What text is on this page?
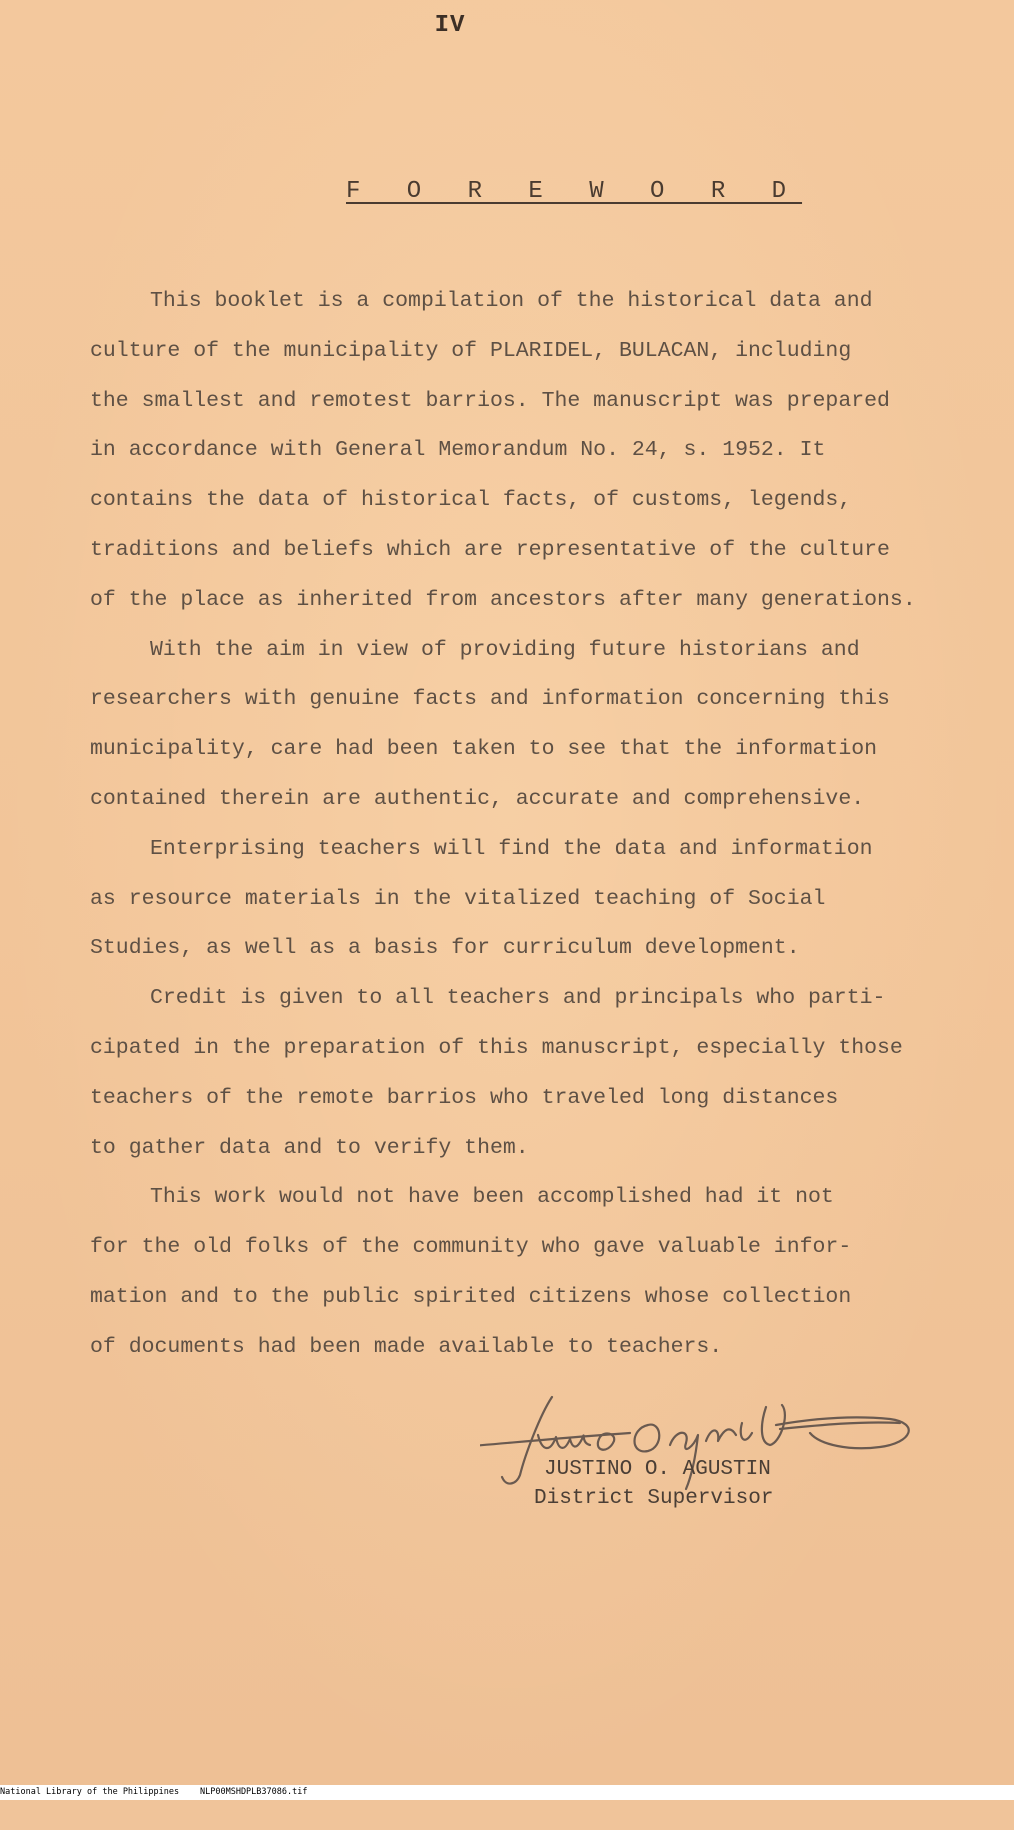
IV
F O R E W O R D
This booklet is a compilation of the historical data and
culture of the municipality of PLARIDEL, BULACAN, including
the smallest and remotest barrios. The manuscript was prepared
in accordance with General Memorandum No. 24, s. 1952. It
contains the data of historical facts, of customs, legends,
traditions and beliefs which are representative of the culture
of the place as inherited from ancestors after many generations.
With the aim in view of providing future historians and
researchers with genuine facts and information concerning this
municipality, care had been taken to see that the information
contained therein are authentic, accurate and comprehensive.
Enterprising teachers will find the data and information
as resource materials in the vitalized teaching of Social
Studies, as well as a basis for curriculum development.
Credit is given to all teachers and principals who parti-
cipated in the preparation of this manuscript, especially those
teachers of the remote barrios who traveled long distances
to gather data and to verify them.
This work would not have been accomplished had it not
for the old folks of the community who gave valuable infor-
mation and to the public spirited citizens whose collection
of documents had been made available to teachers.
JUSTINO O. AGUSTIN
District Supervisor

National Library of the Philippines

NLP00MSHDPLB37086.tif
